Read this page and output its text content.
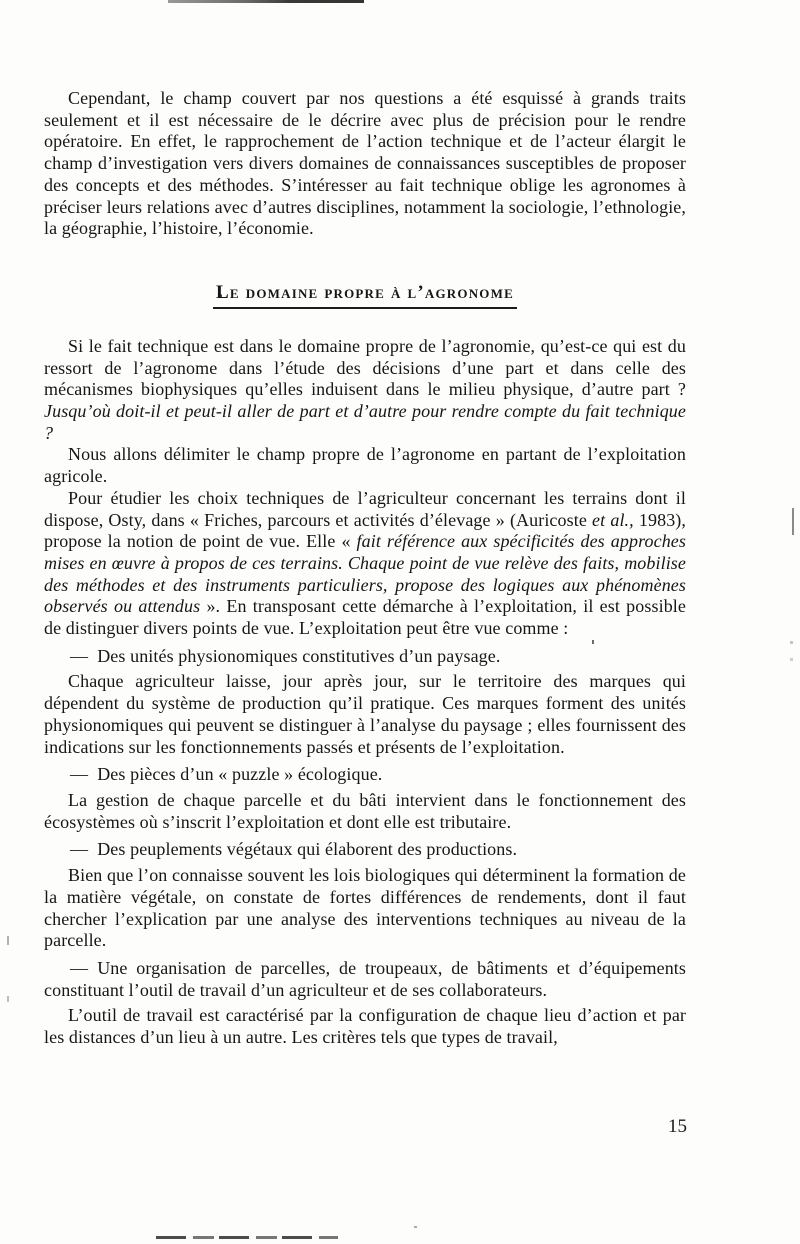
Cependant, le champ couvert par nos questions a été esquissé à grands traits seulement et il est nécessaire de le décrire avec plus de précision pour le rendre opératoire. En effet, le rapprochement de l’action technique et de l’acteur élargit le champ d’investigation vers divers domaines de connaissances susceptibles de proposer des concepts et des méthodes. S’intéresser au fait technique oblige les agronomes à préciser leurs relations avec d’autres disciplines, notamment la sociologie, l’ethnologie, la géographie, l’histoire, l’économie.

Le domaine propre à l’agronome

Si le fait technique est dans le domaine propre de l’agronomie, qu’est-ce qui est du ressort de l’agronome dans l’étude des décisions d’une part et dans celle des mécanismes biophysiques qu’elles induisent dans le milieu physique, d’autre part ? Jusqu’où doit-il et peut-il aller de part et d’autre pour rendre compte du fait technique ?

Nous allons délimiter le champ propre de l’agronome en partant de l’exploitation agricole.

Pour étudier les choix techniques de l’agriculteur concernant les terrains dont il dispose, Osty, dans « Friches, parcours et activités d’élevage » (Auricoste et al., 1983), propose la notion de point de vue. Elle « fait référence aux spécificités des approches mises en œuvre à propos de ces terrains. Chaque point de vue relève des faits, mobilise des méthodes et des instruments particuliers, propose des logiques aux phénomènes observés ou attendus ». En transposant cette démarche à l’exploitation, il est possible de distinguer divers points de vue. L’exploitation peut être vue comme :

— Des unités physionomiques constitutives d’un paysage.

Chaque agriculteur laisse, jour après jour, sur le territoire des marques qui dépendent du système de production qu’il pratique. Ces marques forment des unités physionomiques qui peuvent se distinguer à l’analyse du paysage ; elles fournissent des indications sur les fonctionnements passés et présents de l’exploitation.

— Des pièces d’un « puzzle » écologique.

La gestion de chaque parcelle et du bâti intervient dans le fonctionnement des écosystèmes où s’inscrit l’exploitation et dont elle est tributaire.

— Des peuplements végétaux qui élaborent des productions.

Bien que l’on connaisse souvent les lois biologiques qui déterminent la formation de la matière végétale, on constate de fortes différences de rendements, dont il faut chercher l’explication par une analyse des interventions techniques au niveau de la parcelle.

— Une organisation de parcelles, de troupeaux, de bâtiments et d’équipements constituant l’outil de travail d’un agriculteur et de ses collaborateurs.

L’outil de travail est caractérisé par la configuration de chaque lieu d’action et par les distances d’un lieu à un autre. Les critères tels que types de travail,

15
